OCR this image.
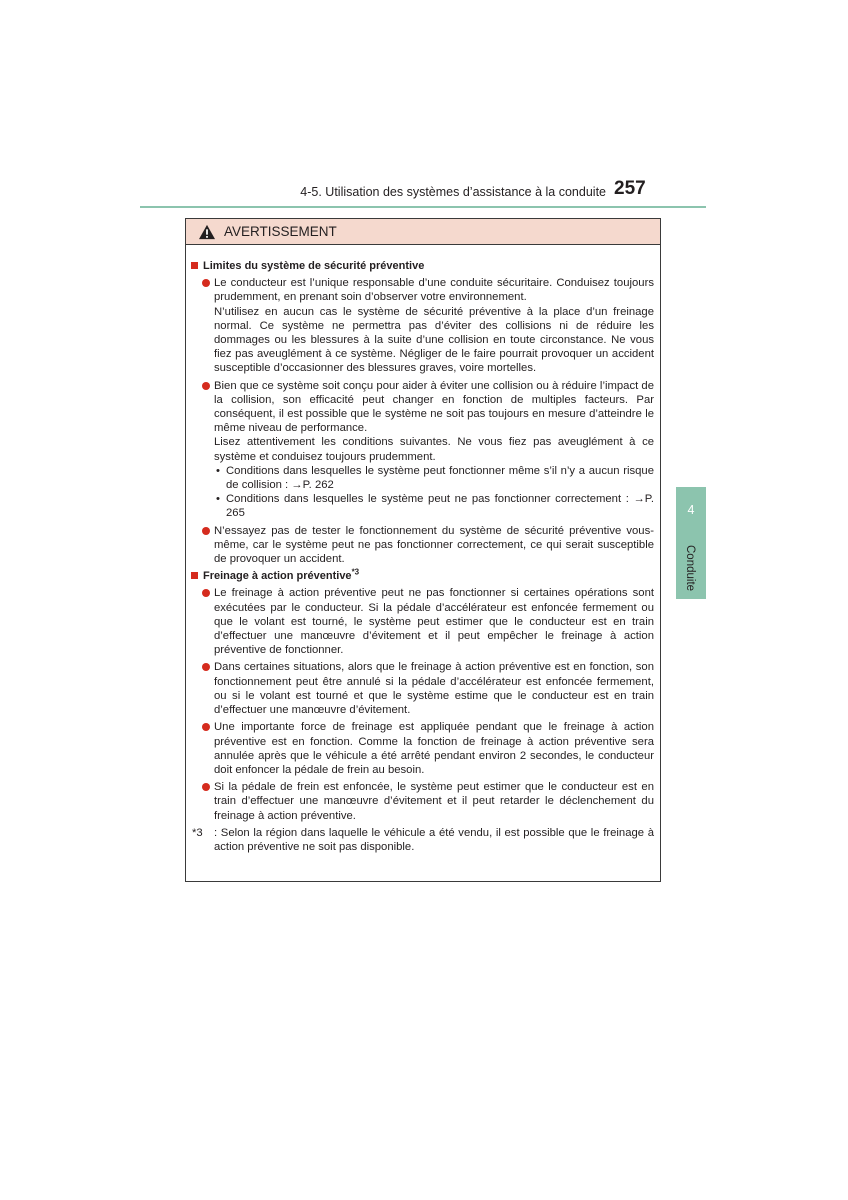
4-5. Utilisation des systèmes d’assistance à la conduite 257
4
Conduite
AVERTISSEMENT
Limites du système de sécurité préventive
Le conducteur est l’unique responsable d’une conduite sécuritaire. Conduisez toujours prudemment, en prenant soin d’observer votre environnement.
N’utilisez en aucun cas le système de sécurité préventive à la place d’un freinage normal. Ce système ne permettra pas d’éviter des collisions ni de réduire les dommages ou les blessures à la suite d’une collision en toute circonstance. Ne vous fiez pas aveuglément à ce système. Négliger de le faire pourrait provoquer un accident susceptible d’occasionner des blessures graves, voire mortelles.
Bien que ce système soit conçu pour aider à éviter une collision ou à réduire l’impact de la collision, son efficacité peut changer en fonction de multiples facteurs. Par conséquent, il est possible que le système ne soit pas toujours en mesure d’atteindre le même niveau de performance.
Lisez attentivement les conditions suivantes. Ne vous fiez pas aveuglément à ce système et conduisez toujours prudemment.
• Conditions dans lesquelles le système peut fonctionner même s’il n’y a aucun risque de collision : →P. 262
• Conditions dans lesquelles le système peut ne pas fonctionner correctement : →P. 265
N’essayez pas de tester le fonctionnement du système de sécurité préventive vous-même, car le système peut ne pas fonctionner correctement, ce qui serait susceptible de provoquer un accident.
Freinage à action préventive$^{*3}$
Le freinage à action préventive peut ne pas fonctionner si certaines opérations sont exécutées par le conducteur. Si la pédale d’accélérateur est enfoncée fermement ou que le volant est tourné, le système peut estimer que le conducteur est en train d’effectuer une manœuvre d’évitement et il peut empêcher le freinage à action préventive de fonctionner.
Dans certaines situations, alors que le freinage à action préventive est en fonction, son fonctionnement peut être annulé si la pédale d’accélérateur est enfoncée fermement, ou si le volant est tourné et que le système estime que le conducteur est en train d’effectuer une manœuvre d’évitement.
Une importante force de freinage est appliquée pendant que le freinage à action préventive est en fonction. Comme la fonction de freinage à action préventive sera annulée après que le véhicule a été arrêté pendant environ 2 secondes, le conducteur doit enfoncer la pédale de frein au besoin.
Si la pédale de frein est enfoncée, le système peut estimer que le conducteur est en train d’effectuer une manœuvre d’évitement et il peut retarder le déclenchement du freinage à action préventive.
*3 : Selon la région dans laquelle le véhicule a été vendu, il est possible que le freinage à action préventive ne soit pas disponible.
